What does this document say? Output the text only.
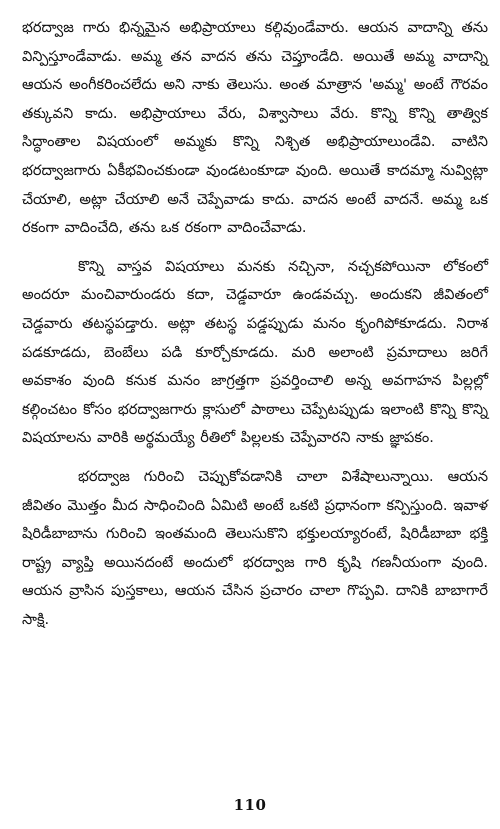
భరద్వాజ గారు భిన్నమైన అభిప్రాయాలు కల్గివుండేవారు. ఆయన వాదాన్ని తను విన్పిస్తూండేవాడు. అమ్మ తన వాదన తను చెప్తూండేది. అయితే అమ్మ వాదాన్ని ఆయన అంగీకరించలేదు అని నాకు తెలుసు. అంత మాత్రాన 'అమ్మ' అంటే గౌరవం తక్కువని కాదు. అభిప్రాయాలు వేరు, విశ్వాసాలు వేరు. కొన్ని కొన్ని తాత్విక సిద్ధాంతాల విషయంలో అమ్మకు కొన్ని నిశ్చిత అభిప్రాయాలుండేవి. వాటిని భరద్వాజగారు ఏకీభవించకుండా వుండటంకూడా వుంది. అయితే కాదమ్మా నువ్విట్లా చేయాలి, అట్లా చేయాలి అనే చెప్పేవాడు కాదు. వాదన అంటే వాదనే. అమ్మ ఒక రకంగా వాదించేది, తను ఒక రకంగా వాదించేవాడు.

కొన్ని వాస్తవ విషయాలు మనకు నచ్చినా, నచ్చకపోయినా లోకంలో అందరూ మంచివారుండరు కదా, చెడ్డవారూ ఉండవచ్చు. అందుకని జీవితంలో చెడ్డవారు తటస్థపడ్తారు. అట్లా తటస్థ పడ్డప్పుడు మనం కృంగిపోకూడదు. నిరాశ పడకూడదు, బెంబేలు పడి కూర్చోకూడదు. మరి అలాంటి ప్రమాదాలు జరిగే అవకాశం వుంది కనుక మనం జాగ్రత్తగా ప్రవర్తించాలి అన్న అవగాహన పిల్లల్లో కల్గించటం కోసం భరద్వాజగారు క్లాసులో పాఠాలు చెప్పేటప్పుడు ఇలాంటి కొన్ని కొన్ని విషయాలను వారికి అర్థమయ్యే రీతిలో పిల్లలకు చెప్పేవారని నాకు జ్ఞాపకం.

భరద్వాజ గురించి చెప్పుకోవడానికి చాలా విశేషాలున్నాయి. ఆయన జీవితం మొత్తం మీద సాధించింది ఏమిటి అంటే ఒకటి ప్రధానంగా కన్పిస్తుంది. ఇవాళ షిరిడీబాబాను గురించి ఇంతమంది తెలుసుకొని భక్తులయ్యారంటే, షిరిడీబాబా భక్తి రాష్ట్ర వ్యాప్తి అయినదంటే అందులో భరద్వాజ గారి కృషి గణనీయంగా వుంది. ఆయన వ్రాసిన పుస్తకాలు, ఆయన చేసిన ప్రచారం చాలా గొప్పవి. దానికి బాబాగారే సాక్షి.

110
